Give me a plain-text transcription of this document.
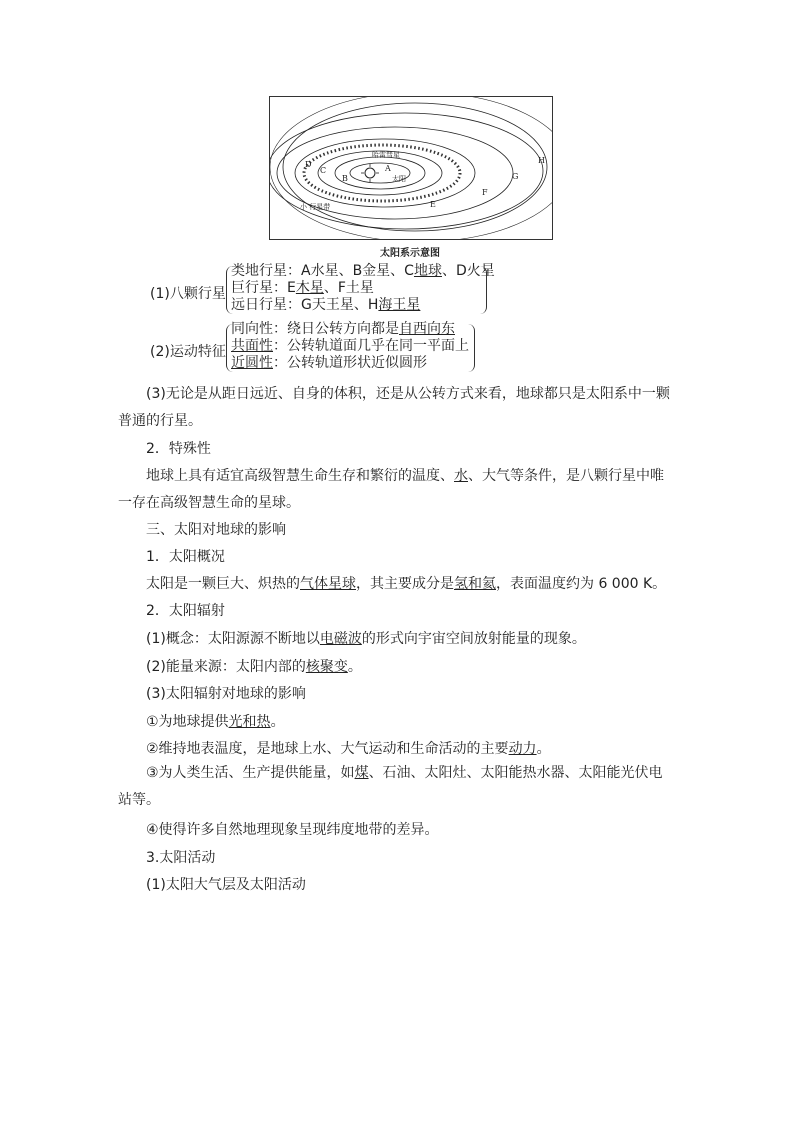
A
B
C
D
E
F
G
H
太阳
小 行星带
哈雷彗星
太阳系示意图
(1)八颗行星
类地行星：A水星、B金星、C地球、D火星
巨行星：E木星、F土星
远日行星：G天王星、H海王星
(2)运动特征
同向性：绕日公转方向都是自西向东
共面性：公转轨道面几乎在同一平面上
近圆性：公转轨道形状近似圆形
(3)无论是从距日远近、自身的体积，还是从公转方式来看，地球都只是太阳系中一颗普通的行星。
2．特殊性
地球上具有适宜高级智慧生命生存和繁衍的温度、水、大气等条件，是八颗行星中唯一存在高级智慧生命的星球。
三、太阳对地球的影响
1．太阳概况
太阳是一颗巨大、炽热的气体星球，其主要成分是氢和氦，表面温度约为 6 000 K。
2．太阳辐射
(1)概念：太阳源源不断地以电磁波的形式向宇宙空间放射能量的现象。
(2)能量来源：太阳内部的核聚变。
(3)太阳辐射对地球的影响
①为地球提供光和热。
②维持地表温度，是地球上水、大气运动和生命活动的主要动力。
③为人类生活、生产提供能量，如煤、石油、太阳灶、太阳能热水器、太阳能光伏电站等。
④使得许多自然地理现象呈现纬度地带的差异。
3.太阳活动
(1)太阳大气层及太阳活动
